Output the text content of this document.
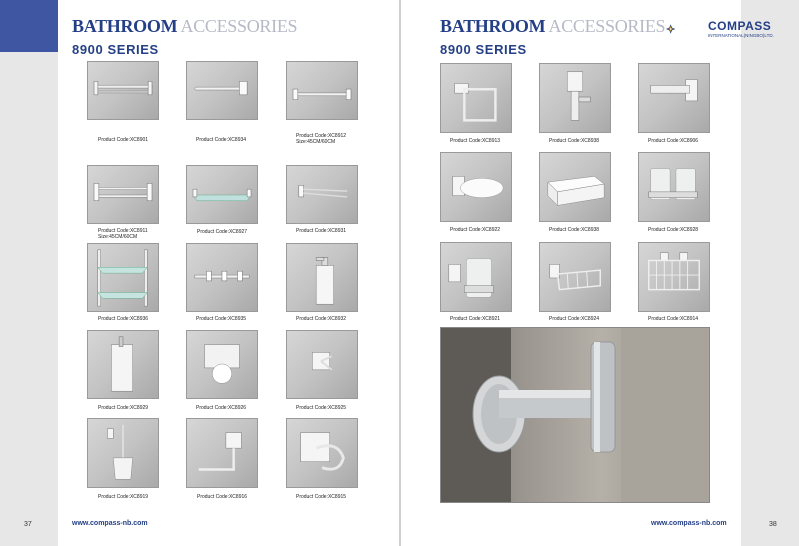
BATHROOM ACCESSORIES
8900 SERIES
BATHROOM ACCESSORIES
8900 SERIES
COMPASS
INTERNATIONAL(NINGBO)LTD.
Product Code:XC8901	Product Code:XC8934
Product Code:XC8912
Size:45CM/60CM
Product Code:XC8911
Size:45CM/60CM
Product Code:XC8927	Product Code:XC8931
Product Code:XC8936	Product Code:XC8935	Product Code:XC8932
Product Code:XC8929	Product Code:XC8926	Product Code:XC8925
Product Code:XC8919	Product Code:XC8916	Product Code:XC8915
Product Code:XC8913	Product Code:XC8938	Product Code:XC8906
Product Code:XC8922	Product Code:XC8938	Product Code:XC8928
Product Code:XC8921	Product Code:XC8924	Product Code:XC8914
37	www.compass-nb.com	www.compass-nb.com	38
